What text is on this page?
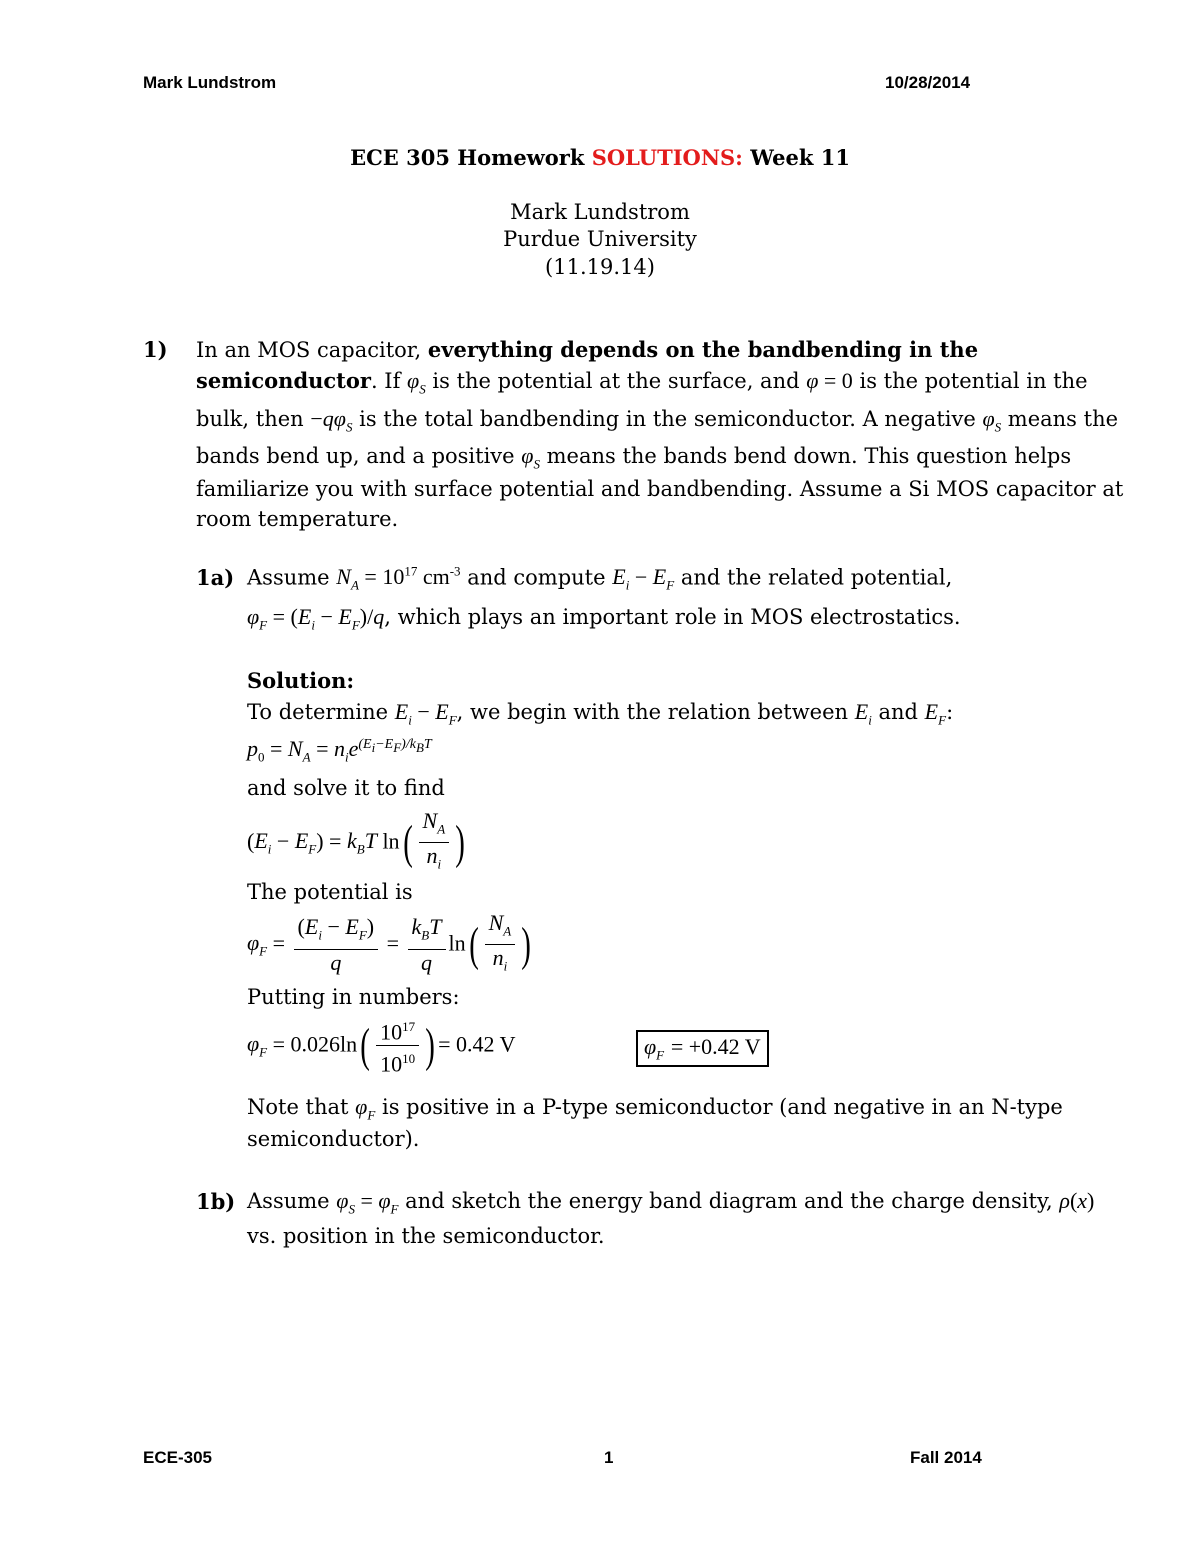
Mark Lundstrom	10/28/2014
ECE 305 Homework SOLUTIONS: Week 11
Mark Lundstrom
Purdue University
(11.19.14)
1) In an MOS capacitor, everything depends on the bandbending in the
semiconductor. If $\varphi_S$ is the potential at the surface, and φ = 0 is the potential in the
bulk, then $-q\varphi_S$ is the total bandbending in the semiconductor. A negative $\varphi_S$ means the
bands bend up, and a positive $\varphi_S$ means the bands bend down. This question helps
familiarize you with surface potential and bandbending. Assume a Si MOS capacitor at
room temperature.
1a) Assume $N_A = 10^{17}$ $cm^{-3}$ and compute $E_i - E_F$ and the related potential,
$\varphi_F = (E_i - E_F)/q$, which plays an important role in MOS electrostatics.
Solution:
To determine $E_i - E_F$, we begin with the relation between $E_i$ and $E_F$:
$p_0 = N_A = n_ie^{(E_i-E_F)/k_BT}$
and solve it to find
$(E_i - E_F) = k_BT$ $\ln( \frac{N_A}{n_i}$ )
The potential is
$\varphi_F = \frac{(E_i - E_F)}{q} = \frac{k_BT}{q} \ln( \frac{N_A}{n_i}$ )
Putting in numbers:
$\varphi_F = 0.026\ln( \frac{10^{17}}{10^{10}}$ ) = 0.42 V	$\varphi_F = +0.42$ V
Note that $\varphi_F$ is positive in a P-type semiconductor (and negative in an N-type
semiconductor).
1b) Assume $\varphi_S = \varphi_F$ and sketch the energy band diagram and the charge density, ρ(x)
vs. position in the semiconductor.
ECE-305	1	Fall 2014
